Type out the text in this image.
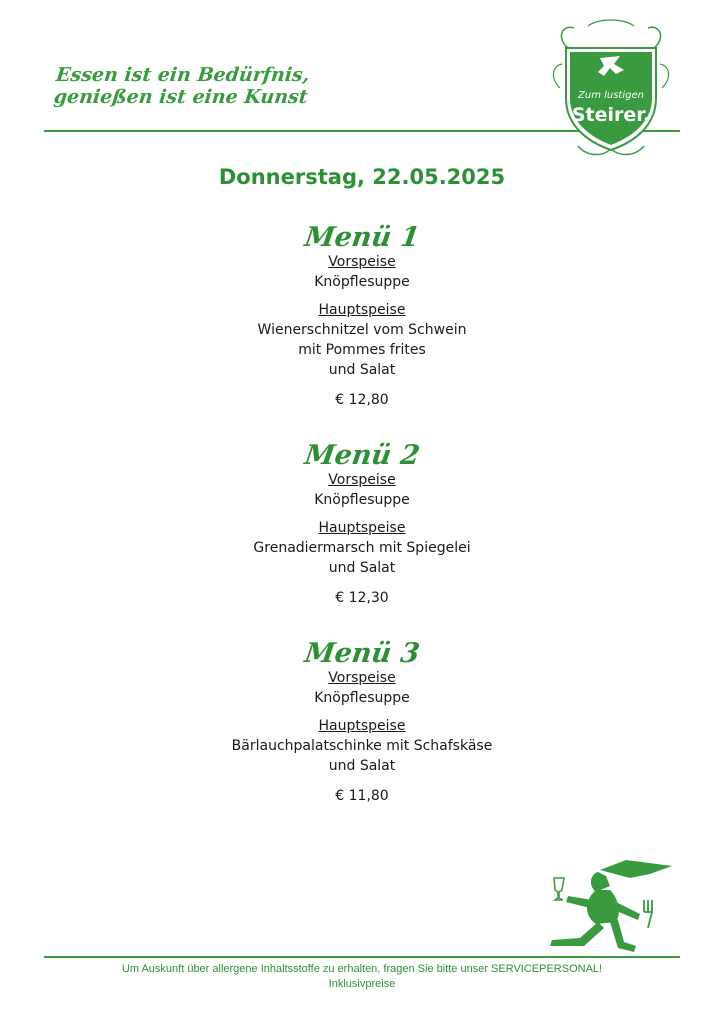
Essen ist ein Bedürfnis,
genießen ist eine Kunst	Zum lustigen
Steirer.
Donnerstag, 22.05.2025
Menü 1
Vorspeise
Knöpflesuppe
Hauptspeise
Wienerschnitzel vom Schwein
mit Pommes frites
und Salat
€ 12,80
Menü 2
Vorspeise
Knöpflesuppe
Hauptspeise
Grenadiermarsch mit Spiegelei
und Salat
€ 12,30
Menü 3
Vorspeise
Knöpflesuppe
Hauptspeise
Bärlauchpalatschinke mit Schafskäse
und Salat
€ 11,80
Um Auskunft über allergene Inhaltsstoffe zu erhalten, fragen Sie bitte unser SERVICEPERSONAL!
Inklusivpreise
